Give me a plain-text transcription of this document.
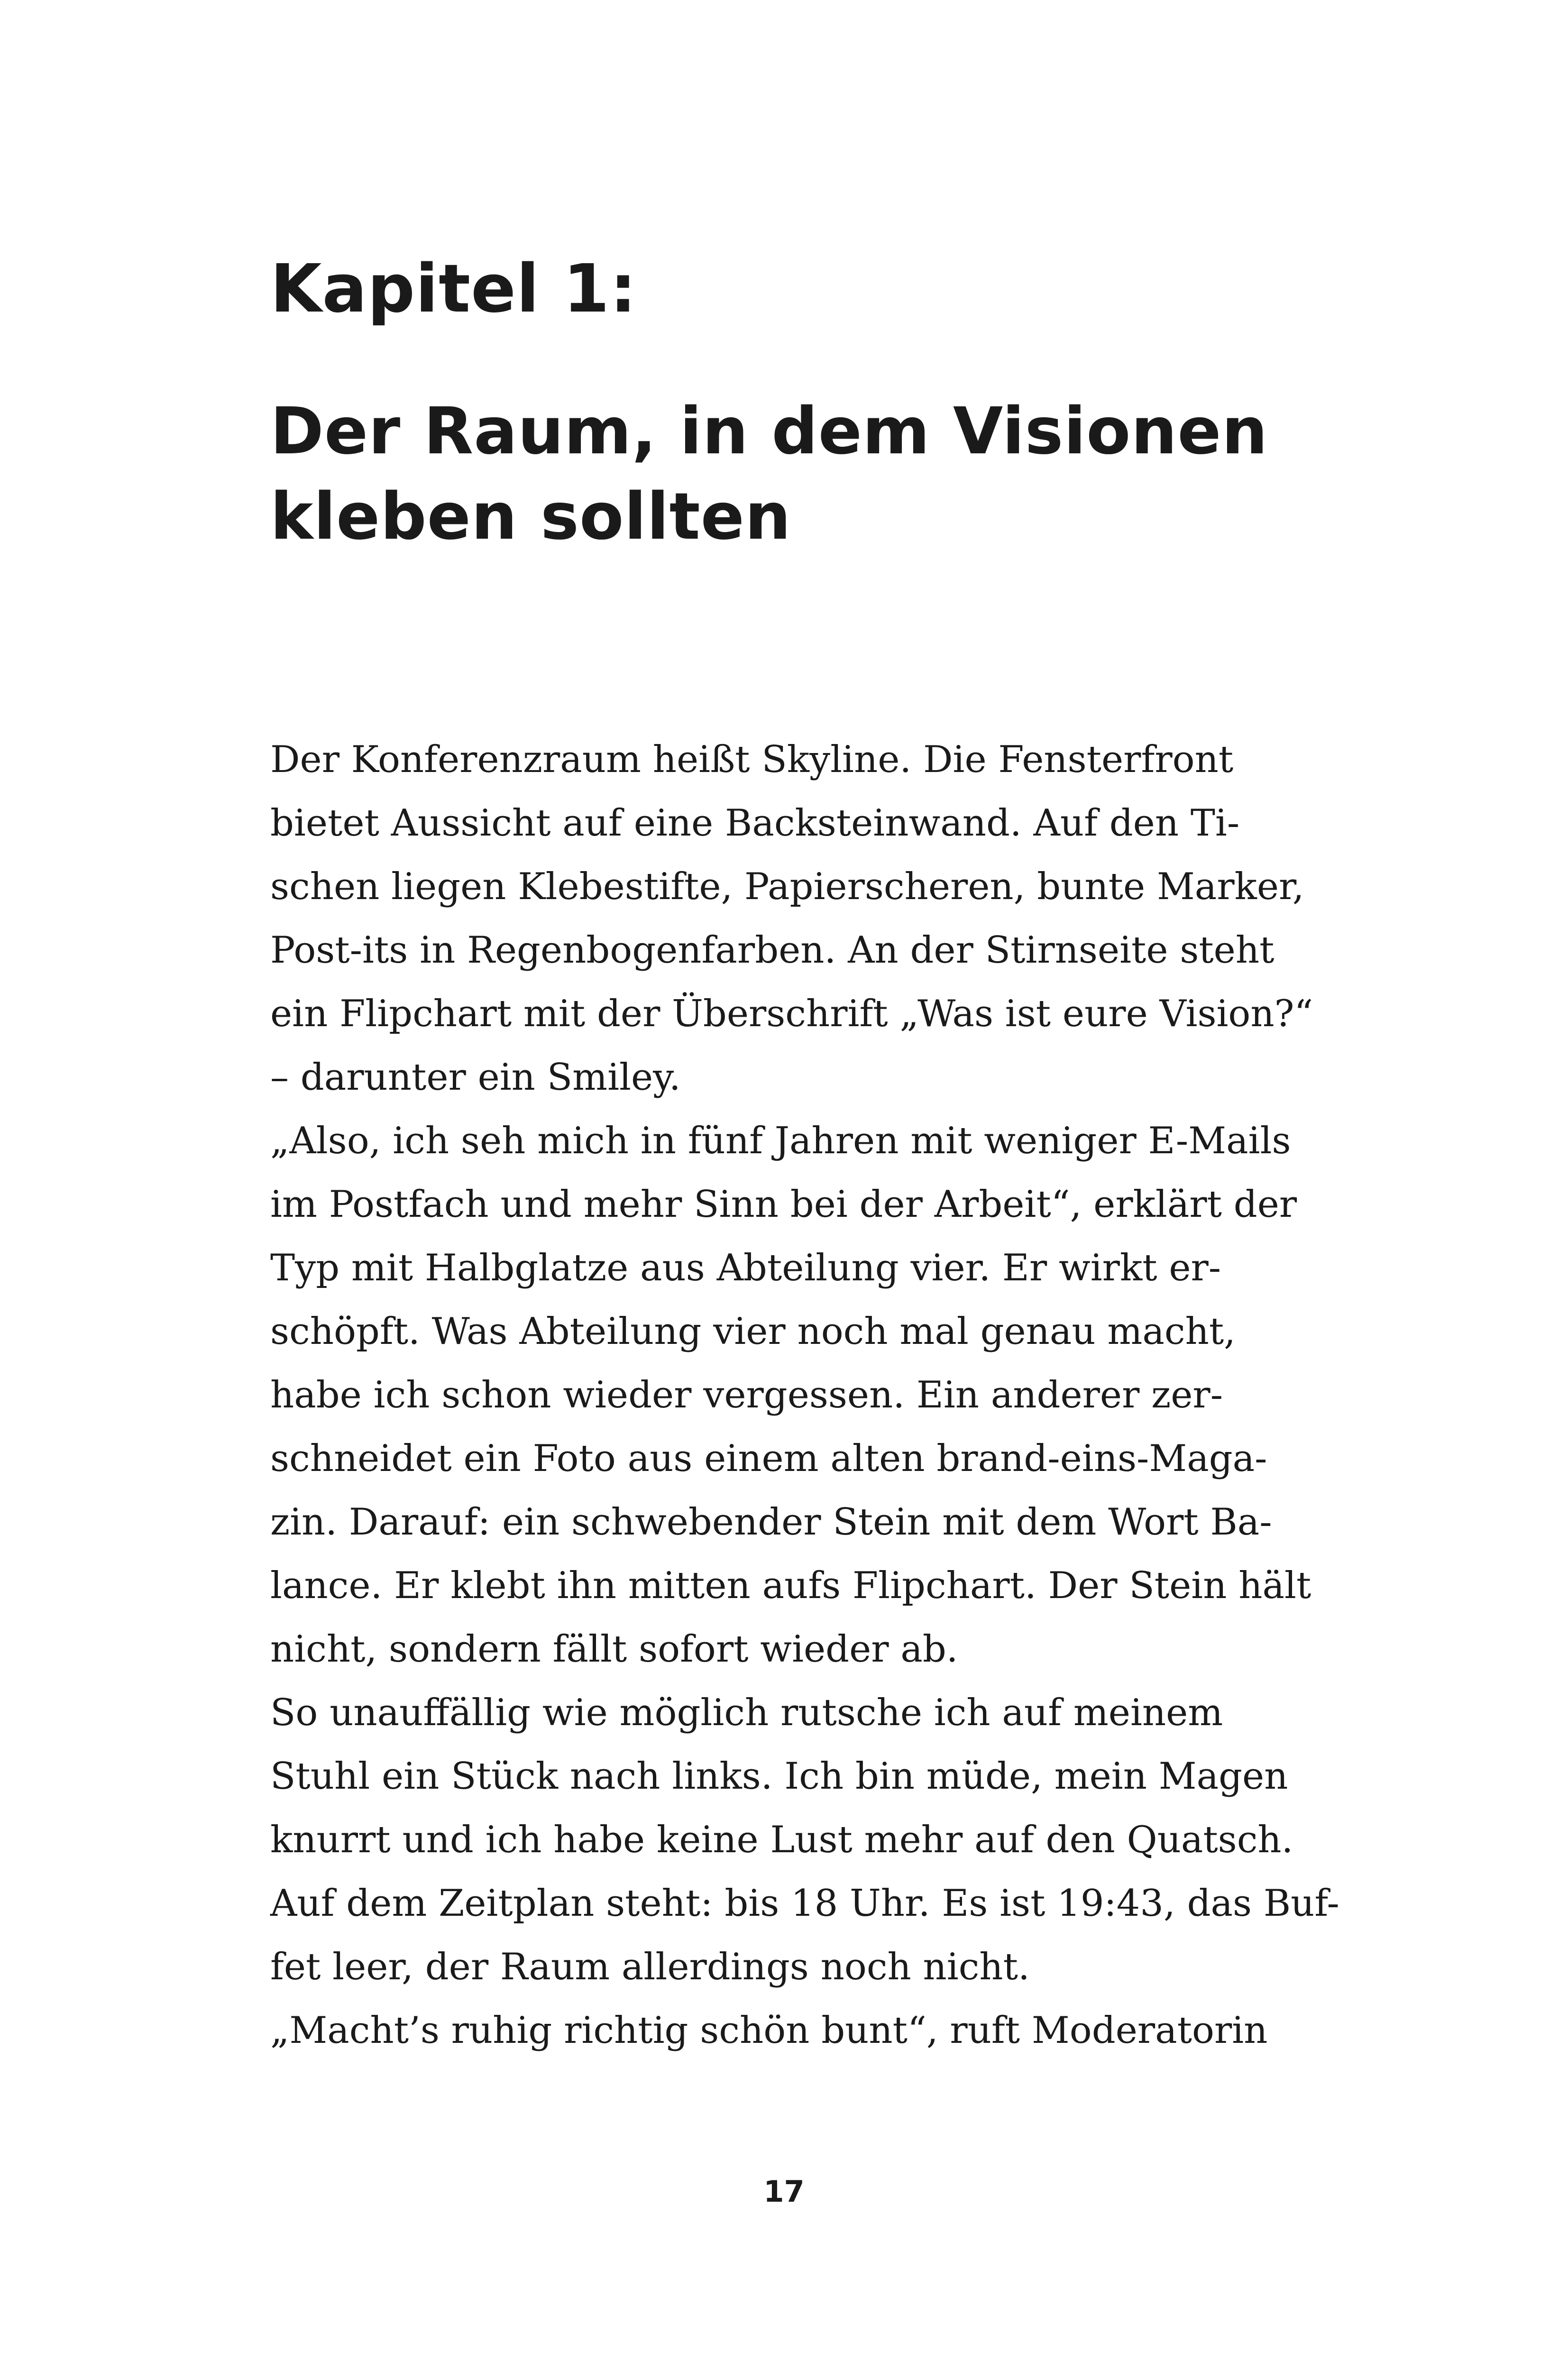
Kapitel 1:
Der Raum, in dem Visionen
kleben sollten
Der Konferenzraum heißt Skyline. Die Fensterfront
bietet Aussicht auf eine Backsteinwand. Auf den Ti-
schen liegen Klebestifte, Papierscheren, bunte Marker,
Post-its in Regenbogenfarben. An der Stirnseite steht
ein Flipchart mit der Überschrift „Was ist eure Vision?“
– darunter ein Smiley.
„Also, ich seh mich in fünf Jahren mit weniger E-Mails
im Postfach und mehr Sinn bei der Arbeit“, erklärt der
Typ mit Halbglatze aus Abteilung vier. Er wirkt er-
schöpft. Was Abteilung vier noch mal genau macht,
habe ich schon wieder vergessen. Ein anderer zer-
schneidet ein Foto aus einem alten brand-eins-Maga-
zin. Darauf: ein schwebender Stein mit dem Wort Ba-
lance. Er klebt ihn mitten aufs Flipchart. Der Stein hält
nicht, sondern fällt sofort wieder ab.
So unauffällig wie möglich rutsche ich auf meinem
Stuhl ein Stück nach links. Ich bin müde, mein Magen
knurrt und ich habe keine Lust mehr auf den Quatsch.
Auf dem Zeitplan steht: bis 18 Uhr. Es ist 19:43, das Buf-
fet leer, der Raum allerdings noch nicht.
„Macht’s ruhig richtig schön bunt“, ruft Moderatorin
17
